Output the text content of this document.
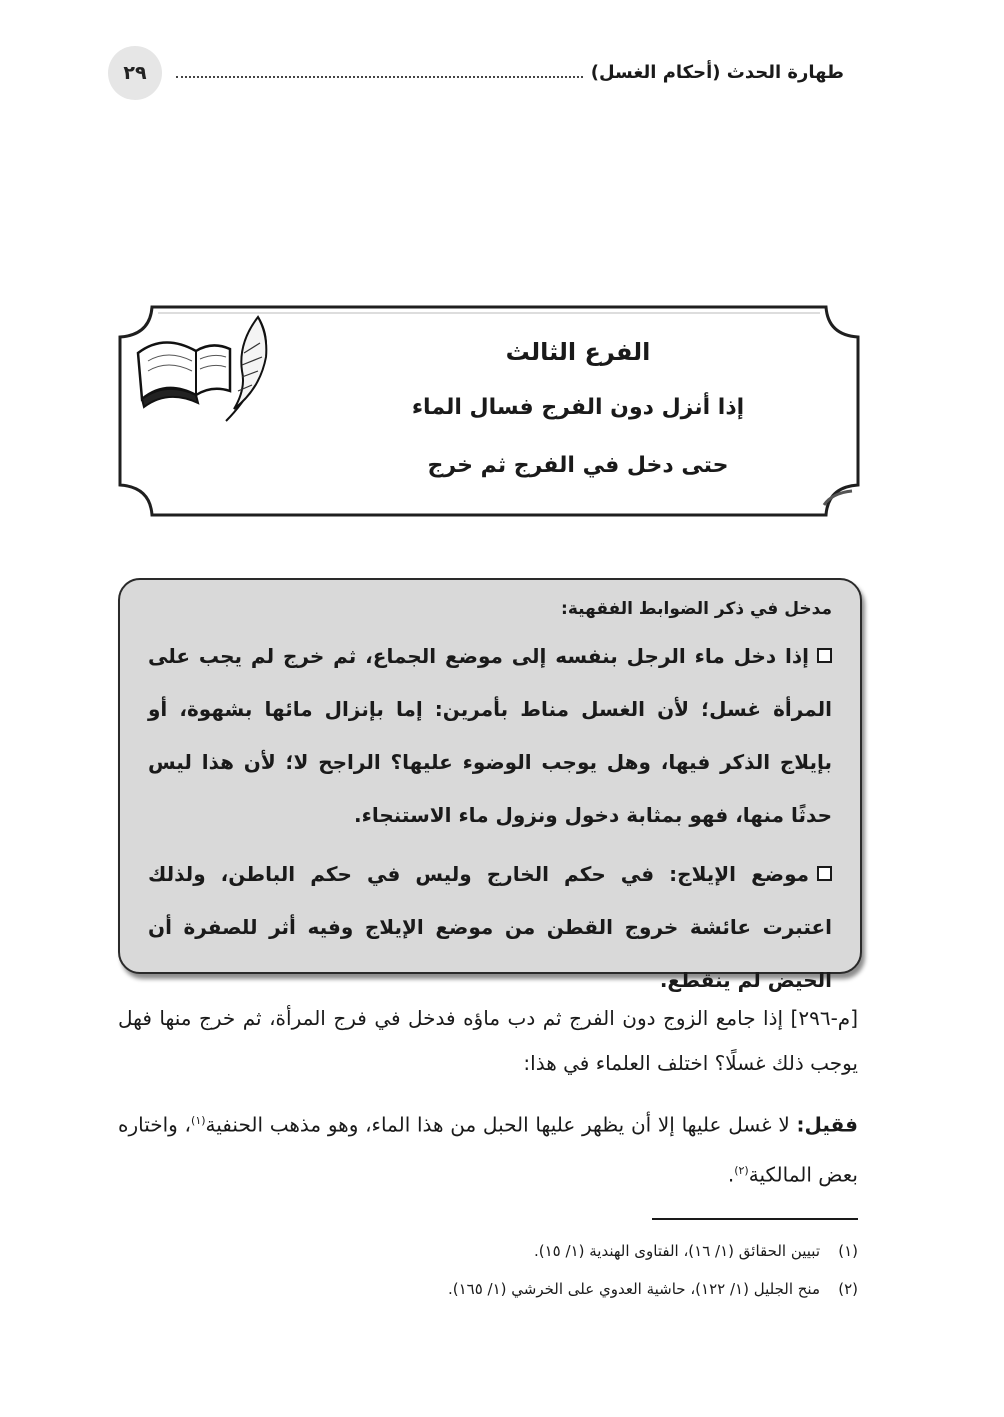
٢٩	طهارة الحدث (أحكام الغسل)
الفرع الثالث
إذا أنزل دون الفرج فسال الماء
حتى دخل في الفرج ثم خرج
مدخل في ذكر الضوابط الفقهية:
إذا دخل ماء الرجل بنفسه إلى موضع الجماع، ثم خرج لم يجب على المرأة غسل؛ لأن الغسل مناط بأمرين: إما بإنزال مائها بشهوة، أو بإيلاج الذكر فيها، وهل يوجب الوضوء عليها؟ الراجح لا؛ لأن هذا ليس حدثًا منها، فهو بمثابة دخول ونزول ماء الاستنجاء.
موضع الإيلاج: في حكم الخارج وليس في حكم الباطن، ولذلك اعتبرت عائشة خروج القطن من موضع الإيلاج وفيه أثر للصفرة أن الحيض لم ينقطع.

[م-٢٩٦] إذا جامع الزوج دون الفرج ثم دب ماؤه فدخل في فرج المرأة، ثم خرج منها فهل يوجب ذلك غسلًا؟ اختلف العلماء في هذا:

فقيل: لا غسل عليها إلا أن يظهر عليها الحبل من هذا الماء، وهو مذهب الحنفية$^{(١)}$، واختاره بعض المالكية$^{(٢)}$.

(١)تبيين الحقائق (١/ ١٦)، الفتاوى الهندية (١/ ١٥).
(٢)منح الجليل (١/ ١٢٢)، حاشية العدوي على الخرشي (١/ ١٦٥).
